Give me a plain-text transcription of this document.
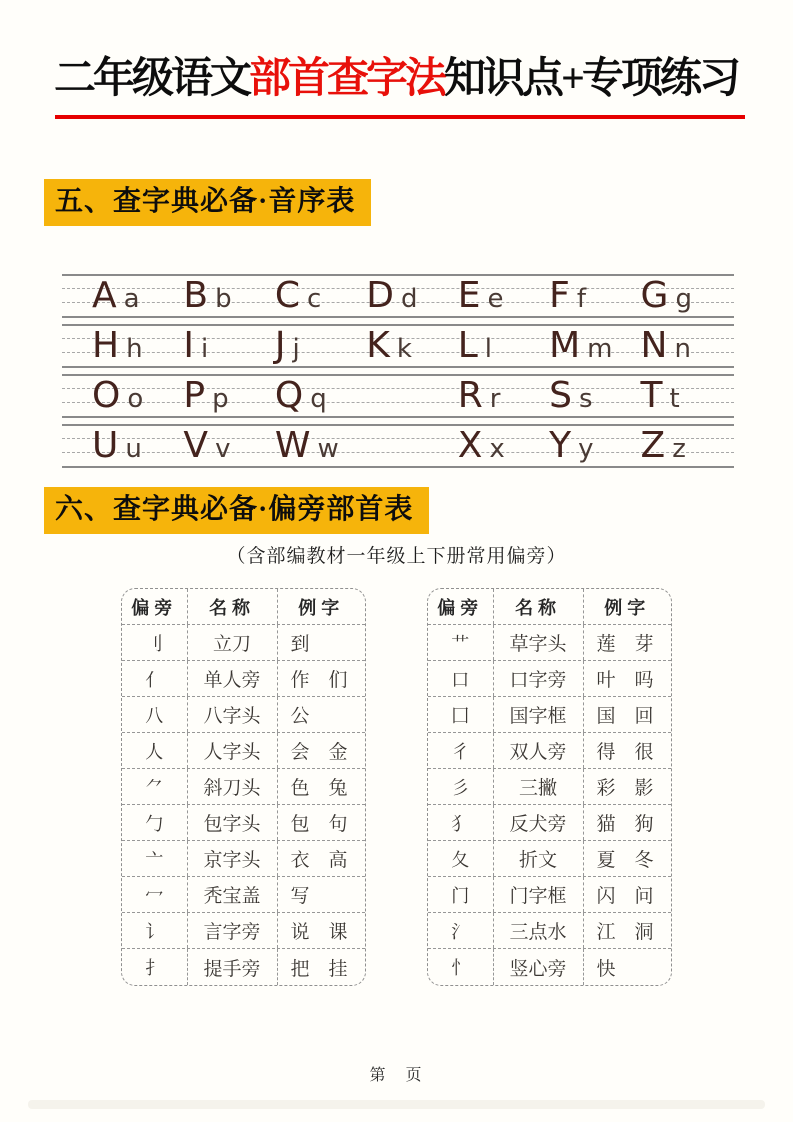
二年级语文部首查字法知识点+专项练习
五、查字典必备·音序表
A a B b C c D d E e F f G g
H h I i J j K k L l M m N n
O o P p Q q	R r S s T t
U u V v W w	X x Y y Z z
六、查字典必备·偏旁部首表
（含部编教材一年级上下册常用偏旁）
偏旁	名称	例字
刂	立刀	到
亻	单人旁	作　们
八	八字头	公
人	人字头	会　金
⺈	斜刀头	色　兔
勹	包字头	包　句
亠	京字头	衣　高
冖	秃宝盖	写
讠	言字旁	说　课
扌	提手旁	把　挂
偏旁	名称	例字
艹	草字头	莲　芽
口	口字旁	叶　吗
囗	国字框	国　回
彳	双人旁	得　很
彡	三撇	彩　影
犭	反犬旁	猫　狗
夂	折文	夏　冬
门	门字框	闪　问
氵	三点水	江　洞
忄	竖心旁	快
第　页
